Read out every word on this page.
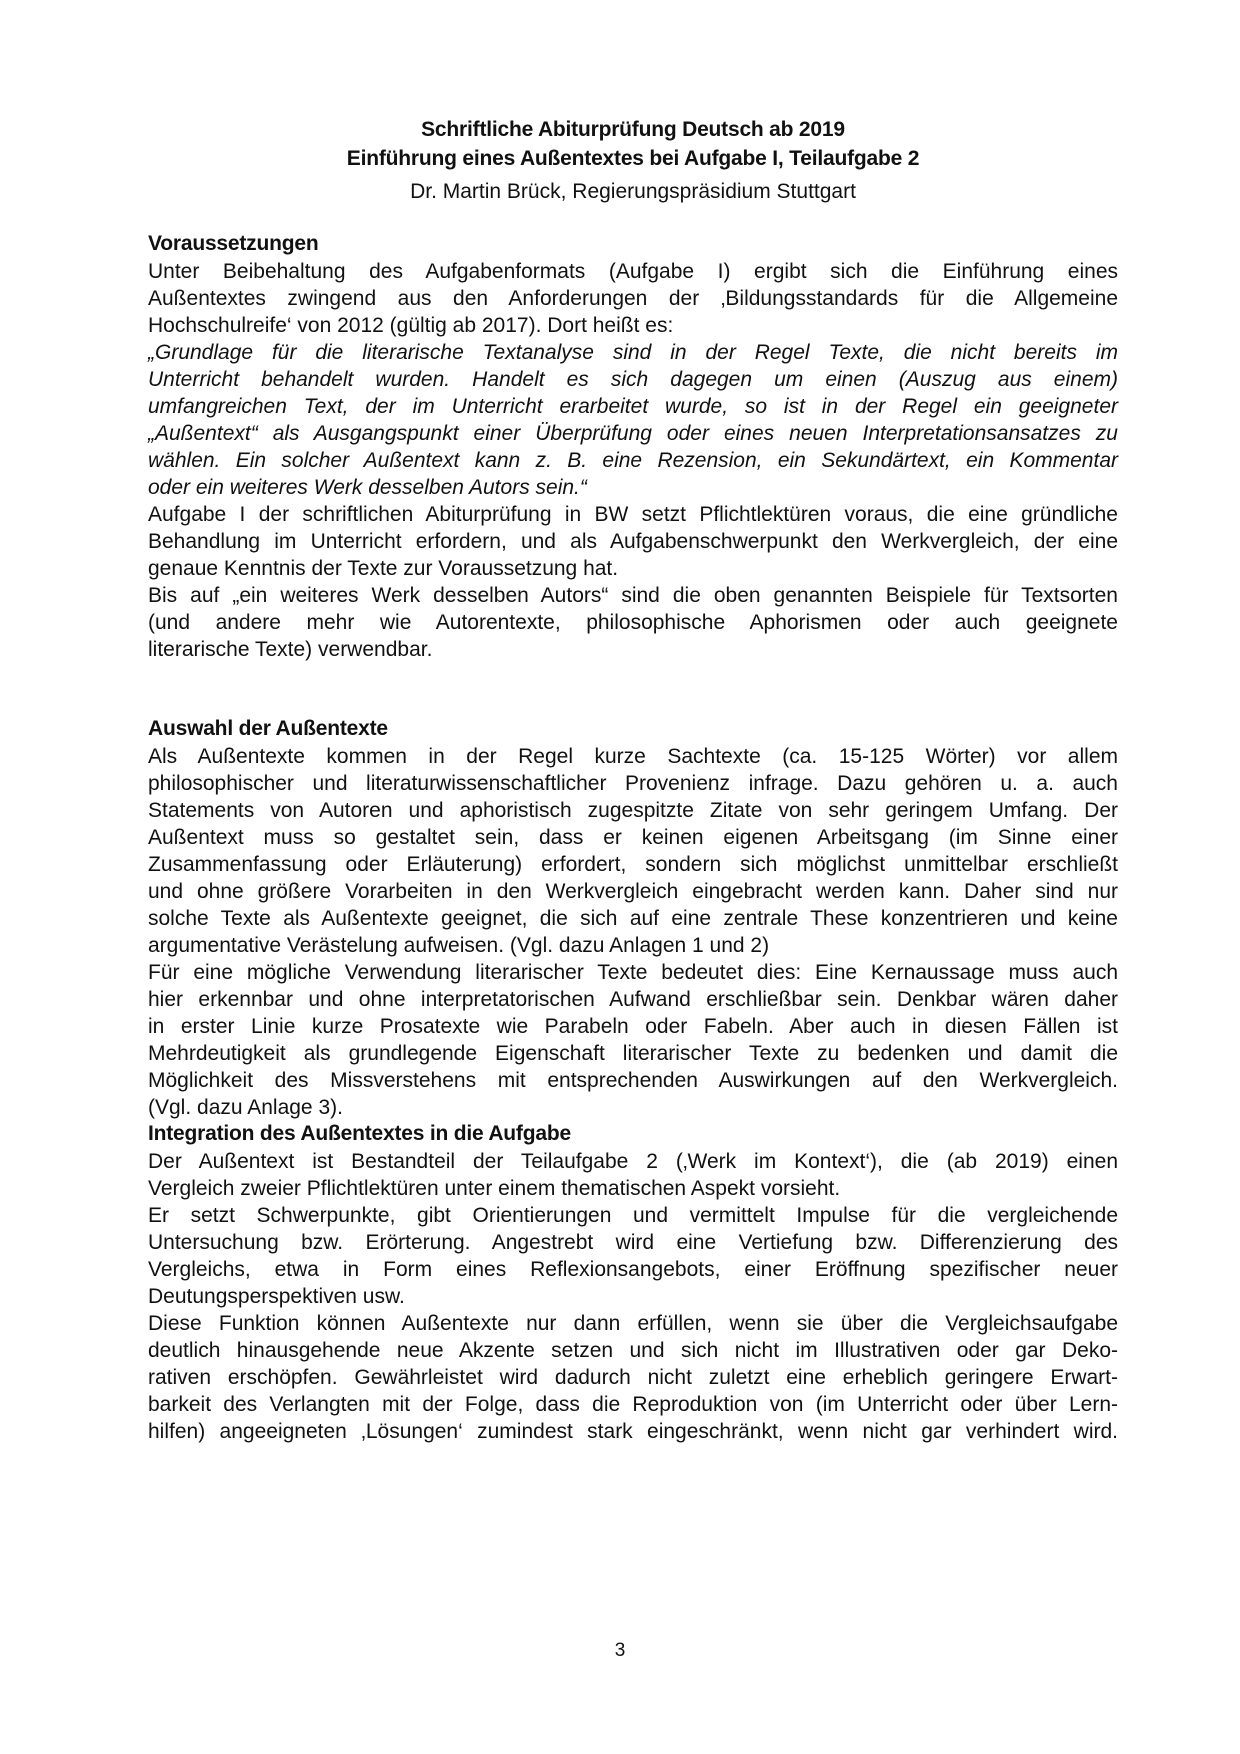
Schriftliche Abiturprüfung Deutsch ab 2019
Einführung eines Außentextes bei Aufgabe I, Teilaufgabe 2
Dr. Martin Brück, Regierungspräsidium Stuttgart
Voraussetzungen
Unter Beibehaltung des Aufgabenformats (Aufgabe I) ergibt sich die Einführung eines
Außentextes zwingend aus den Anforderungen der ‚Bildungsstandards für die Allgemeine
Hochschulreife‘ von 2012 (gültig ab 2017). Dort heißt es:
„Grundlage für die literarische Textanalyse sind in der Regel Texte, die nicht bereits im
Unterricht behandelt wurden. Handelt es sich dagegen um einen (Auszug aus einem)
umfangreichen Text, der im Unterricht erarbeitet wurde, so ist in der Regel ein geeigneter
„Außentext“ als Ausgangspunkt einer Überprüfung oder eines neuen Interpretationsansatzes zu
wählen. Ein solcher Außentext kann z. B. eine Rezension, ein Sekundärtext, ein Kommentar
oder ein weiteres Werk desselben Autors sein.“
Aufgabe I der schriftlichen Abiturprüfung in BW setzt Pflichtlektüren voraus, die eine gründliche
Behandlung im Unterricht erfordern, und als Aufgabenschwerpunkt den Werkvergleich, der eine
genaue Kenntnis der Texte zur Voraussetzung hat.
Bis auf „ein weiteres Werk desselben Autors“ sind die oben genannten Beispiele für Textsorten
(und andere mehr wie Autorentexte, philosophische Aphorismen oder auch geeignete
literarische Texte) verwendbar.
Auswahl der Außentexte
Als Außentexte kommen in der Regel kurze Sachtexte (ca. 15-125 Wörter) vor allem
philosophischer und literaturwissenschaftlicher Provenienz infrage. Dazu gehören u. a. auch
Statements von Autoren und aphoristisch zugespitzte Zitate von sehr geringem Umfang. Der
Außentext muss so gestaltet sein, dass er keinen eigenen Arbeitsgang (im Sinne einer
Zusammenfassung oder Erläuterung) erfordert, sondern sich möglichst unmittelbar erschließt
und ohne größere Vorarbeiten in den Werkvergleich eingebracht werden kann. Daher sind nur
solche Texte als Außentexte geeignet, die sich auf eine zentrale These konzentrieren und keine
argumentative Verästelung aufweisen. (Vgl. dazu Anlagen 1 und 2)
Für eine mögliche Verwendung literarischer Texte bedeutet dies: Eine Kernaussage muss auch
hier erkennbar und ohne interpretatorischen Aufwand erschließbar sein. Denkbar wären daher
in erster Linie kurze Prosatexte wie Parabeln oder Fabeln. Aber auch in diesen Fällen ist
Mehrdeutigkeit als grundlegende Eigenschaft literarischer Texte zu bedenken und damit die
Möglichkeit des Missverstehens mit entsprechenden Auswirkungen auf den Werkvergleich.
(Vgl. dazu Anlage 3).
Integration des Außentextes in die Aufgabe
Der Außentext ist Bestandteil der Teilaufgabe 2 (‚Werk im Kontext‘), die (ab 2019) einen
Vergleich zweier Pflichtlektüren unter einem thematischen Aspekt vorsieht.
Er setzt Schwerpunkte, gibt Orientierungen und vermittelt Impulse für die vergleichende
Untersuchung bzw. Erörterung. Angestrebt wird eine Vertiefung bzw. Differenzierung des
Vergleichs, etwa in Form eines Reflexionsangebots, einer Eröffnung spezifischer neuer
Deutungsperspektiven usw.
Diese Funktion können Außentexte nur dann erfüllen, wenn sie über die Vergleichsaufgabe
deutlich hinausgehende neue Akzente setzen und sich nicht im Illustrativen oder gar Deko-
rativen erschöpfen. Gewährleistet wird dadurch nicht zuletzt eine erheblich geringere Erwart-
barkeit des Verlangten mit der Folge, dass die Reproduktion von (im Unterricht oder über Lern-
hilfen) angeeigneten ‚Lösungen‘ zumindest stark eingeschränkt, wenn nicht gar verhindert wird.
3
